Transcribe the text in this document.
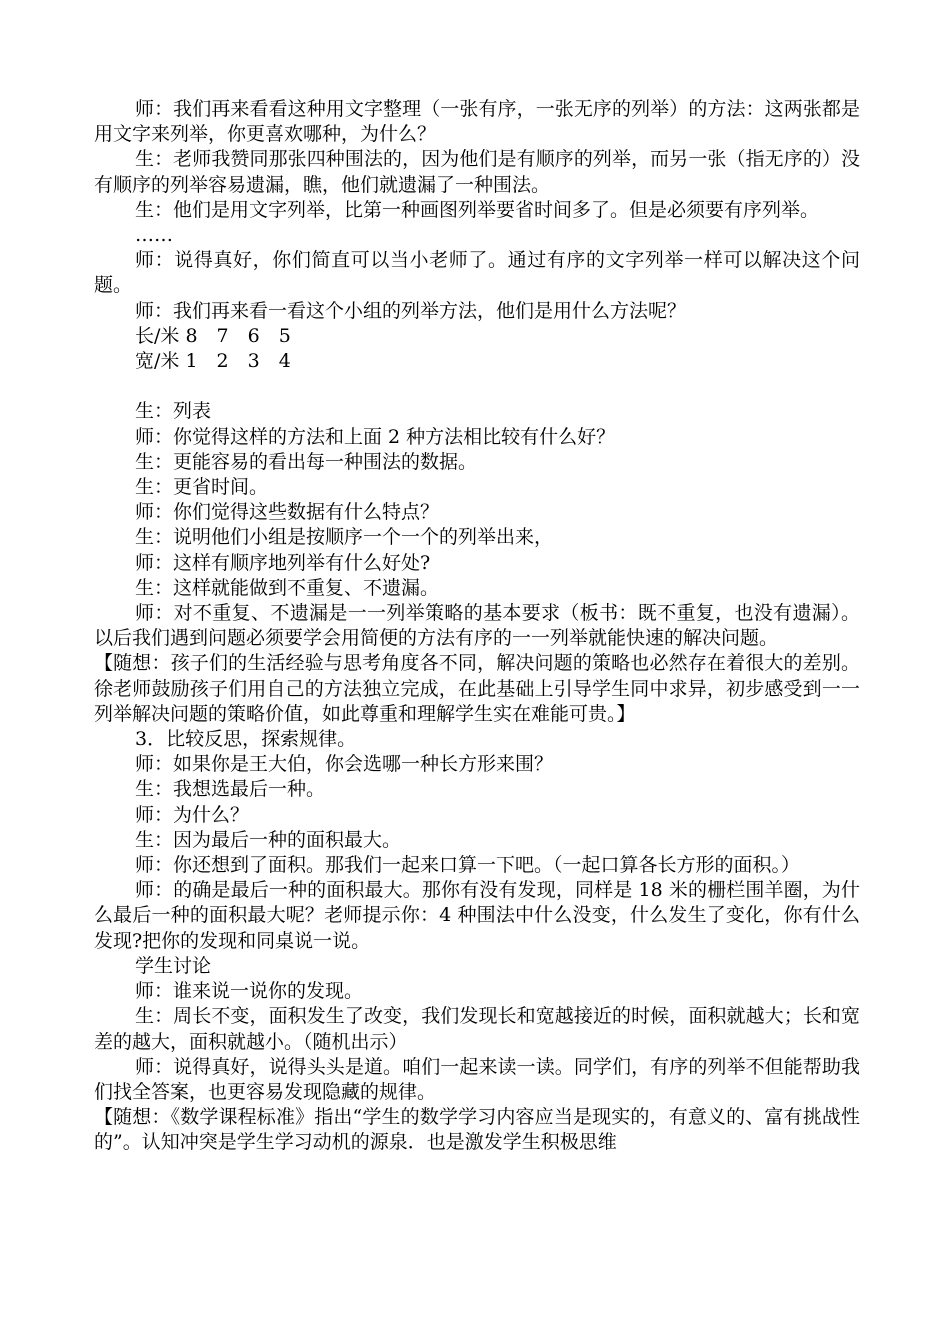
师：我们再来看看这种用文字整理（一张有序，一张无序的列举）的方法：这两张都是用文字来列举，你更喜欢哪种，为什么？

生：老师我赞同那张四种围法的，因为他们是有顺序的列举，而另一张（指无序的）没有顺序的列举容易遗漏，瞧，他们就遗漏了一种围法。

生：他们是用文字列举，比第一种画图列举要省时间多了。但是必须要有序列举。

……

师：说得真好，你们简直可以当小老师了。通过有序的文字列举一样可以解决这个问题。

师：我们再来看一看这个小组的列举方法，他们是用什么方法呢？

长/米 8　7　6　5

宽/米 1　2　3　4

生：列表

师：你觉得这样的方法和上面 2 种方法相比较有什么好？

生：更能容易的看出每一种围法的数据。

生：更省时间。

师：你们觉得这些数据有什么特点？

生：说明他们小组是按顺序一个一个的列举出来，

师：这样有顺序地列举有什么好处?

生：这样就能做到不重复、不遗漏。

师：对不重复、不遗漏是一一列举策略的基本要求（板书：既不重复，也没有遗漏）。以后我们遇到问题必须要学会用简便的方法有序的一一列举就能快速的解决问题。

【随想：孩子们的生活经验与思考角度各不同，解决问题的策略也必然存在着很大的差别。徐老师鼓励孩子们用自己的方法独立完成，在此基础上引导学生同中求异，初步感受到一一列举解决问题的策略价值，如此尊重和理解学生实在难能可贵。】

3．比较反思，探索规律。

师：如果你是王大伯，你会选哪一种长方形来围？

生：我想选最后一种。

师：为什么？

生：因为最后一种的面积最大。

师：你还想到了面积。那我们一起来口算一下吧。（一起口算各长方形的面积。）

师：的确是最后一种的面积最大。那你有没有发现，同样是 18 米的栅栏围羊圈，为什么最后一种的面积最大呢？老师提示你：4 种围法中什么没变，什么发生了变化，你有什么发现?把你的发现和同桌说一说。

学生讨论

师：谁来说一说你的发现。

生：周长不变，面积发生了改变，我们发现长和宽越接近的时候，面积就越大；长和宽差的越大，面积就越小。（随机出示）

师：说得真好，说得头头是道。咱们一起来读一读。同学们，有序的列举不但能帮助我们找全答案，也更容易发现隐藏的规律。

【随想：《数学课程标准》指出“学生的数学学习内容应当是现实的，有意义的、富有挑战性的”。认知冲突是学生学习动机的源泉．也是激发学生积极思维
